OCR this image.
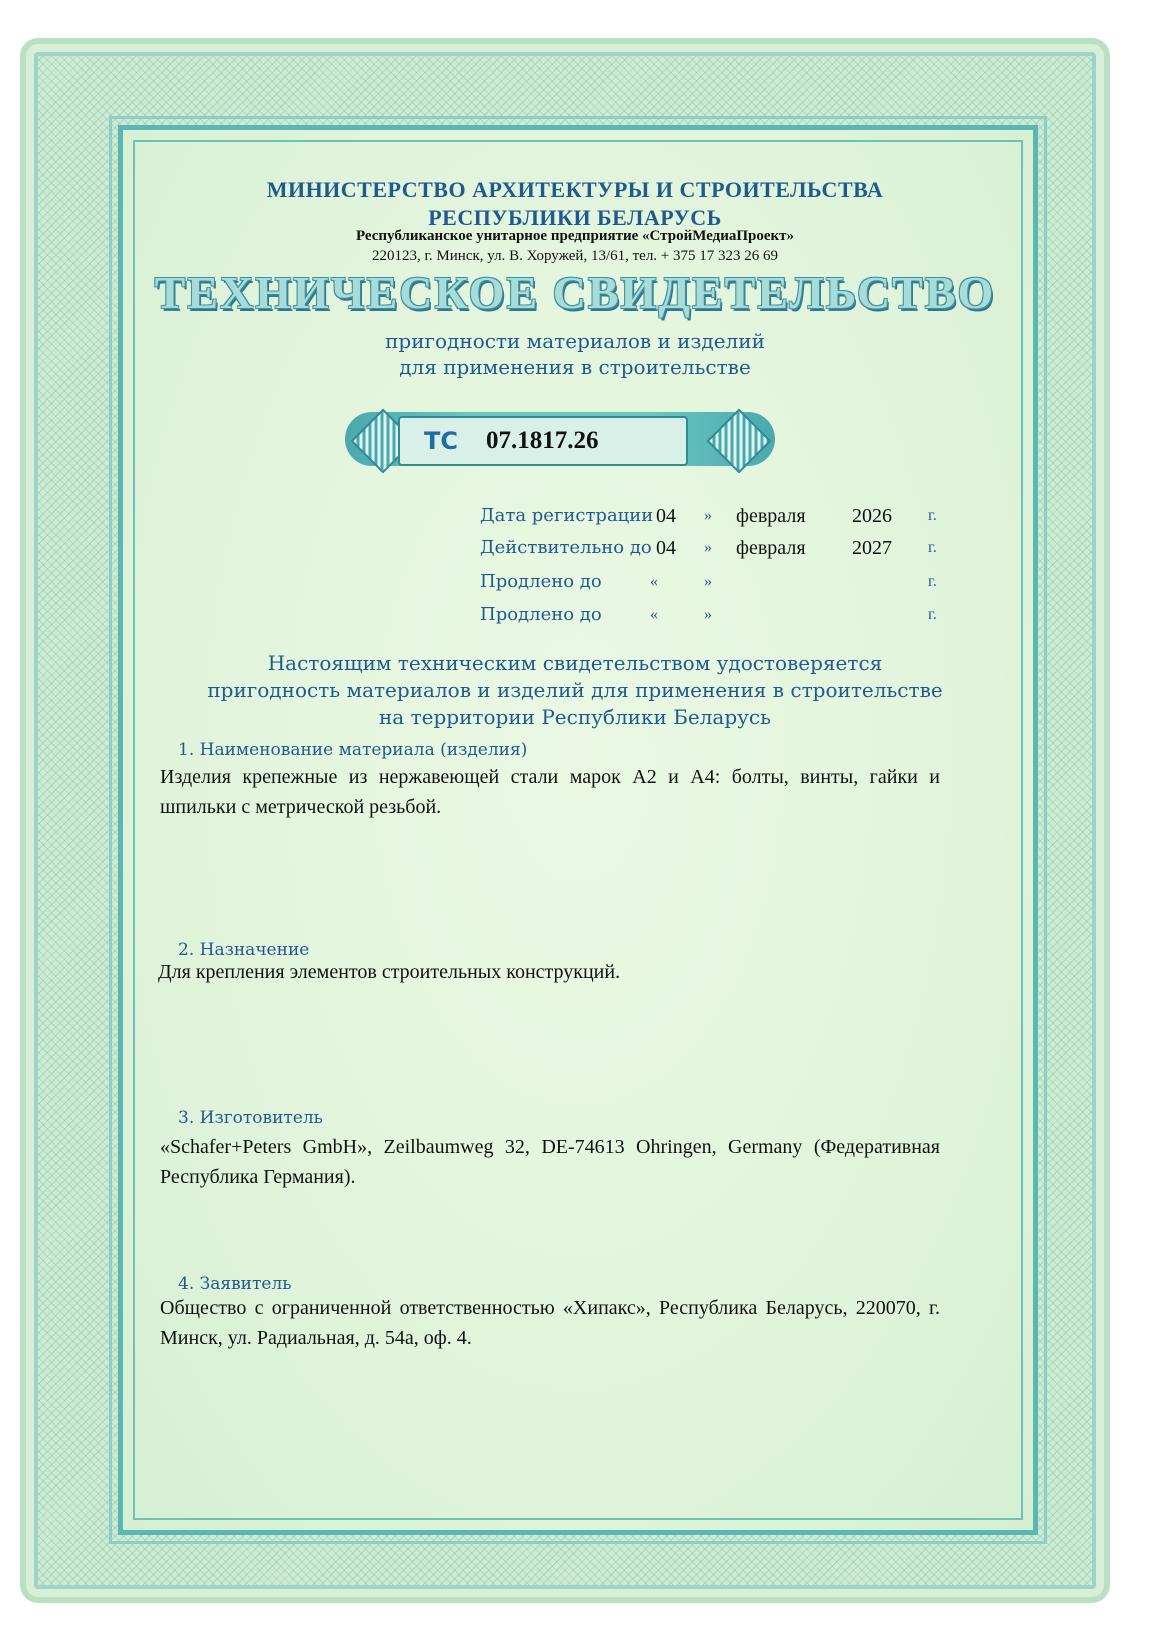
МИНИСТЕРСТВО АРХИТЕКТУРЫ И СТРОИТЕЛЬСТВА
РЕСПУБЛИКИ БЕЛАРУСЬ
Республиканское унитарное предприятие «СтройМедиаПроект»
220123, г. Минск, ул. В. Хоружей, 13/61, тел. + 375 17 323 26 69
ТЕХНИЧЕСКОЕ СВИДЕТЕЛЬСТВО
пригодности материалов и изделий
для применения в строительстве
ТС 07.1817.26
Дата регистрации 04 » февраля 2026 г.
Действительно до 04 » февраля 2027 г.
Продлено до	«	»	г.
Продлено до	«	»	г.
Настоящим техническим свидетельством удостоверяется
пригодность материалов и изделий для применения в строительстве
на территории Республики Беларусь
1. Наименование материала (изделия)
Изделия крепежные из нержавеющей стали марок А2 и А4: болты, винты, гайки и шпильки с метрической резьбой.
2. Назначение
Для крепления элементов строительных конструкций.
3. Изготовитель
«Schafer+Peters GmbH», Zeilbaumweg 32, DE-74613 Ohringen, Germany (Федеративная Республика Германия).
4. Заявитель
Общество с ограниченной ответственностью «Хипакс», Республика Беларусь, 220070, г. Минск, ул. Радиальная, д. 54а, оф. 4.
